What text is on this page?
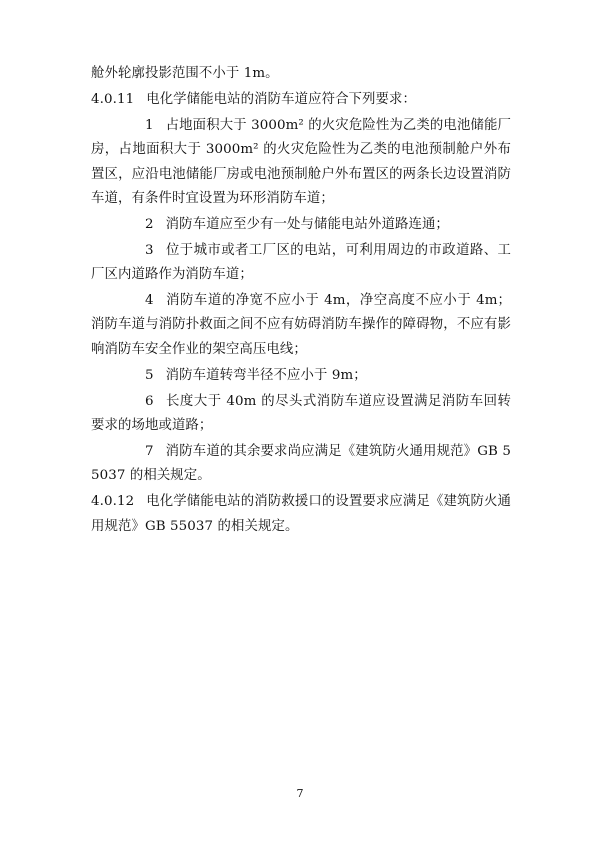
舱外轮廓投影范围不小于 1m。

4.0.11 电化学储能电站的消防车道应符合下列要求：

1 占地面积大于 3000m² 的火灾危险性为乙类的电池储能厂房，占地面积大于 3000m² 的火灾危险性为乙类的电池预制舱户外布置区，应沿电池储能厂房或电池预制舱户外布置区的两条长边设置消防车道，有条件时宜设置为环形消防车道；

2 消防车道应至少有一处与储能电站外道路连通；

3 位于城市或者工厂区的电站，可利用周边的市政道路、工厂区内道路作为消防车道；

4 消防车道的净宽不应小于 4m，净空高度不应小于 4m；消防车道与消防扑救面之间不应有妨碍消防车操作的障碍物，不应有影响消防车安全作业的架空高压电线；

5 消防车道转弯半径不应小于 9m；

6 长度大于 40m 的尽头式消防车道应设置满足消防车回转要求的场地或道路；

7 消防车道的其余要求尚应满足《建筑防火通用规范》GB 55037 的相关规定。

4.0.12 电化学储能电站的消防救援口的设置要求应满足《建筑防火通用规范》GB 55037 的相关规定。

7
